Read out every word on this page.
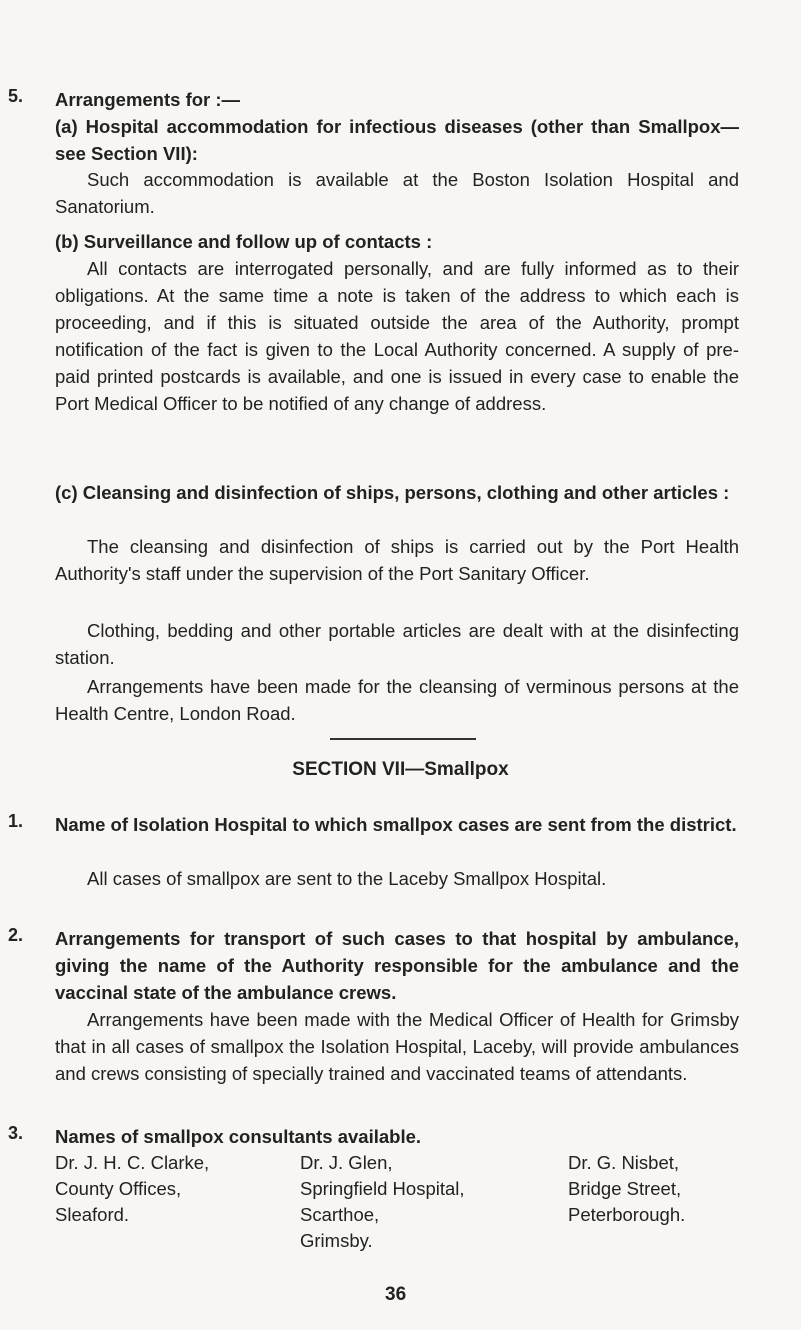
5. Arrangements for :—
(a) Hospital accommodation for infectious diseases (other than Smallpox—see Section VII):
Such accommodation is available at the Boston Isolation Hospital and Sanatorium.
(b) Surveillance and follow up of contacts :
All contacts are interrogated personally, and are fully informed as to their obligations. At the same time a note is taken of the address to which each is proceeding, and if this is situated outside the area of the Authority, prompt notification of the fact is given to the Local Authority concerned. A supply of pre-paid printed postcards is available, and one is issued in every case to enable the Port Medical Officer to be notified of any change of address.
(c) Cleansing and disinfection of ships, persons, clothing and other articles :
The cleansing and disinfection of ships is carried out by the Port Health Authority's staff under the supervision of the Port Sanitary Officer.
Clothing, bedding and other portable articles are dealt with at the disinfecting station.
Arrangements have been made for the cleansing of verminous persons at the Health Centre, London Road.
SECTION VII—Smallpox
1. Name of Isolation Hospital to which smallpox cases are sent from the district.
All cases of smallpox are sent to the Laceby Smallpox Hospital.
2. Arrangements for transport of such cases to that hospital by ambulance, giving the name of the Authority responsible for the ambulance and the vaccinal state of the ambulance crews.
3. Names of smallpox consultants available.
Dr. J. H. C. Clarke,
County Offices,
Sleaford.
Dr. J. Glen,
Springfield Hospital,
Scarthoe,
Grimsby.
Dr. G. Nisbet,
Bridge Street,
Peterborough.
36
Arrangements have been made with the Medical Officer of Health for Grimsby that in all cases of smallpox the Isolation Hospital, Laceby, will provide ambulances and crews consisting of specially trained and vaccinated teams of attendants.
